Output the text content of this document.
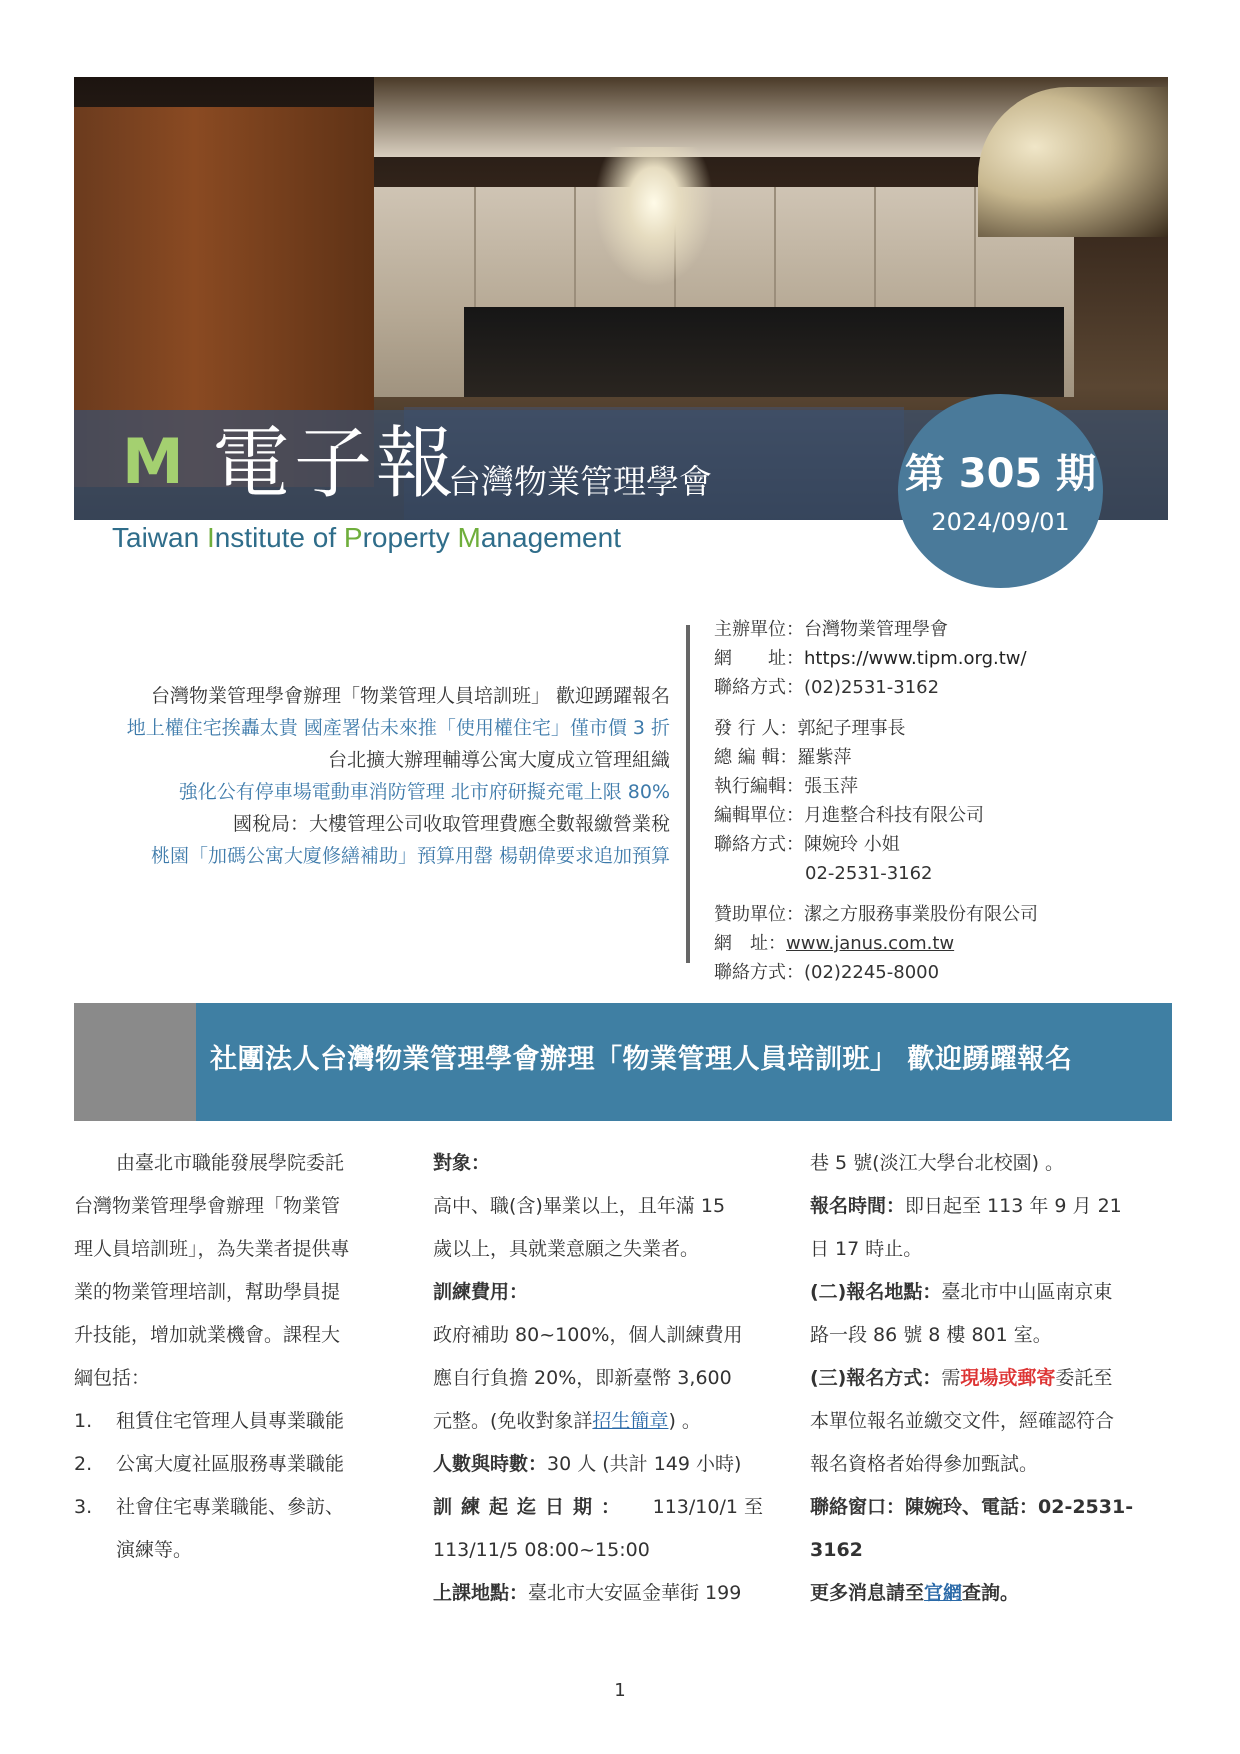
M 電子報
台灣物業管理學會	第 305 期
2024/09/01
Taiwan Institute of Property Management
台灣物業管理學會辦理「物業管理人員培訓班」 歡迎踴躍報名
地上權住宅挨轟太貴 國產署估未來推「使用權住宅」僅市價 3 折
台北擴大辦理輔導公寓大廈成立管理組織
強化公有停車場電動車消防管理 北市府研擬充電上限 80%
國稅局：大樓管理公司收取管理費應全數報繳營業稅
桃園「加碼公寓大廈修繕補助」預算用罄 楊朝偉要求追加預算
主辦單位：台灣物業管理學會
網　　址：https://www.tipm.org.tw/
聯絡方式：(02)2531-3162
發 行 人：郭紀子理事長
總 編 輯：羅紫萍
執行編輯：張玉萍
編輯單位：月進整合科技有限公司
聯絡方式：陳婉玲 小姐
02-2531-3162
贊助單位：潔之方服務事業股份有限公司
網　址：www.janus.com.tw
聯絡方式：(02)2245-8000
社團法人台灣物業管理學會辦理「物業管理人員培訓班」 歡迎踴躍報名
由臺北市職能發展學院委託
台灣物業管理學會辦理「物業管
理人員培訓班」，為失業者提供專
業的物業管理培訓，幫助學員提
升技能，增加就業機會。課程大
綱包括：
1.	租賃住宅管理人員專業職能
2.	公寓大廈社區服務專業職能
3.	社會住宅專業職能、參訪、
演練等。
對象：
高中、職(含)畢業以上，且年滿 15
歲以上，具就業意願之失業者。
訓練費用：
政府補助 80~100%，個人訓練費用
應自行負擔 20%，即新臺幣 3,600
元整。(免收對象詳招生簡章) 。
人數與時數：30 人 (共計 149 小時)
訓練起迄日期： 113/10/1 至
113/11/5 08:00~15:00
上課地點：臺北市大安區金華街 199
巷 5 號(淡江大學台北校園) 。
報名時間：即日起至 113 年 9 月 21
日 17 時止。
(二)報名地點：臺北市中山區南京東
路一段 86 號 8 樓 801 室。
(三)報名方式：需現場或郵寄委託至
本單位報名並繳交文件，經確認符合
報名資格者始得參加甄試。
聯絡窗口：陳婉玲、電話：02-2531-
3162
更多消息請至官網查詢。
1
